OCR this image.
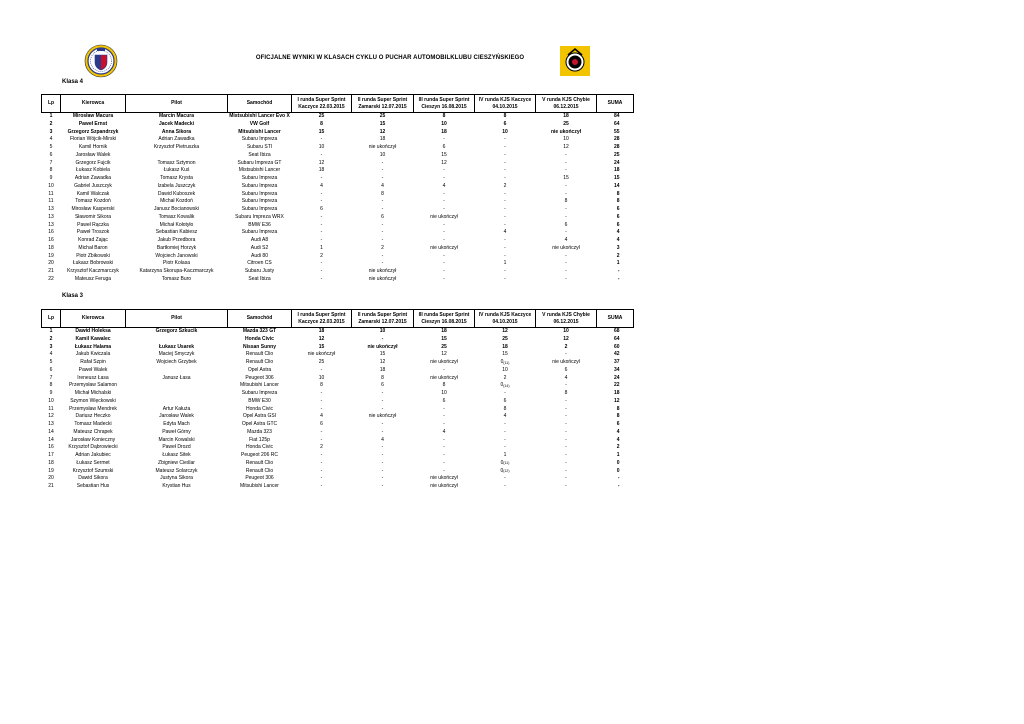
OFICJALNE WYNIKI W KLASACH CYKLU O PUCHAR AUTOMOBILKLUBU CIESZYŃSKIEGO
Klasa 4
Lp	Kierowca	Pilot	Samochód	I runda Super Sprint Kaczyce 22.03.2015	II runda Super Sprint Zamarski 12.07.2015	III runda Super Sprint Cieszyn 16.08.2015	IV runda KJS Kaczyce 04.10.2015	V runda KJS Chybie 06.12.2015	SUMA
1	Mirosław Macura	Marcin Macura	Mistsubishi Lancer Evo X	25	25	8	8	18	84
2	Paweł Ernst	Jacek Madecki	VW Golf	8	15	10	6	25	64
3	Grzegorz Szpandrzyk	Anna Sikora	Mitsubishi Lancer	15	12	18	10	nie ukończył	55
4	Florian Wójcik-Mirski	Adrian Zawadka	Subaru Impreza	-	18	-	-	10	28
5	Kamil Hornik	Krzysztof Pietruszka	Subaru STI	10	nie ukończył	6	-	12	28
6	Jarosław Walek		Seat Ibiza	-	10	15	-	-	25
7	Grzegorz Fujcik	Tomasz Sztymon	Subaru Impreza GT	12	-	12	-	-	24
8	Łukasz Kobiela	Łukasz Kuś	Mistsubishi Lancer	18	-	-	-	-	18
9	Adrian Zawadka	Tomasz Krysta	Subaru Impreza	-	-	-	-	15	15
10	Gabriel Juszczyk	Izabela Juszczyk	Subaru Impreza	4	4	4	2	-	14
11	Kamil Walczak	Dawid Kuboszek	Subaru Impreza	-	8	-	-	-	8
11	Tomasz Kozdoń	Michał Kozdoń	Subaru Impreza	-	-	-	-	8	8
13	Mirosław Kasperski	Janusz Bocianowski	Subaru Impreza	6	-	-	-	-	6
13	Sławomir Sikora	Tomasz Kowalik	Subaru Impreza WRX	-	6	nie ukończył	-	-	6
13	Paweł Rączka	Michał Kołotyło	BMW E36	-	-	-	-	6	6
16	Paweł Troszok	Sebastian Kabiesz	Subaru Impreza	-	-	-	4	-	4
16	Konrad Zając	Jakub Przedbora	Audi A8	-	-	-	-	4	4
18	Michał Baron	Bartłomiej Horzyk	Audi S2	1	2	nie ukończył	-	nie ukończył	3
19	Piotr Żbikowski	Wojciech Janowski	Audi 80	2	-	-	-	-	2
20	Łukasz Bobrowski	Piotr Kolasa	Citroen CS	-	-	-	1	-	1
21	Krzysztof Kaczmarczyk	Katarzyna Skorupa-Kaczmarczyk	Subaru Justy	-	nie ukończył	-	-	-	-
22	Mateusz Feruga	Tomasz Buro	Seat Ibiza	-	nie ukończył	-	-	-	-
Klasa 3
Lp	Kierowca	Pilot	Samochód	I runda Super Sprint Kaczyce 22.03.2015	II runda Super Sprint Zamarski 12.07.2015	III runda Super Sprint Cieszyn 16.08.2015	IV runda KJS Kaczyce 04.10.2015	V runda KJS Chybie 06.12.2015	SUMA
1	Dawid Holeksa	Grzegorz Szkucik	Mazda 323 GT	18	10	18	12	10	68
2	Kamil Kawalec		Honda Civic	12	-	15	25	12	64
3	Łukasz Halama	Łukasz Usarek	Nissan Sunny	15	nie ukończył	25	18	2	60
4	Jakub Kwiczala	Maciej Smyczyk	Renault Clio	nie ukończył	15	12	15	-	42
5	Rafał Szpin	Wojciech Grzybek	Renault Clio	25	12	nie ukończył	$0_{(11)}$	nie ukończył	37
6	Paweł Walek		Opel Astra	-	18	-	10	6	34
7	Ireneusz Łasa	Janusz Łasa	Peugeot 306	10	8	nie ukończył	2	4	24
8	Przemysław Salamon		Mitsubishi Lancer	8	6	8	$0_{(14)}$	-	22
9	Michał Michalski		Subaru Impreza	-	-	10	-	8	18
10	Szymon Więckowski		BMW E30	-	-	6	6	-	12
11	Przemysław Mendrek	Artur Kałuża	Honda Civic	-	-	-	8	-	8
12	Dariusz Heczko	Jarosław Walek	Opel Astra GSI	4	nie ukończył	-	4	-	8
13	Tomasz Madecki	Edyta Mach	Opel Astra GTC	6	-	-	-	-	6
14	Mateusz Chrapek	Paweł Górny	Mazda 323	-	-	4	-	-	4
14	Jarosław Konieczny	Marcin Kowalski	Fiat 125p	-	4	-	-	-	4
16	Krzysztof Dąbrowiecki	Paweł Drozd	Honda Civic	2	-	-	-	-	2
17	Adrian Jakubiec	Łukasz Sitek	Peugeot 206 RC	-	-	-	1	-	1
18	Łukasz Sermet	Zbigniew Cieślar	Renault Clio	-	-	-	$0_{(11)}$	-	0
19	Krzysztof Szumski	Mateusz Solarczyk	Renault Clio	-	-	-	$0_{(12)}$	-	0
20	Dawid Sikora	Justyna Sikora	Peugeot 306	-	-	nie ukończył	-	-	-
21	Sebastian Hus	Krystian Hus	Mitsubishi Lancer	-	-	nie ukończył	-	-	-
